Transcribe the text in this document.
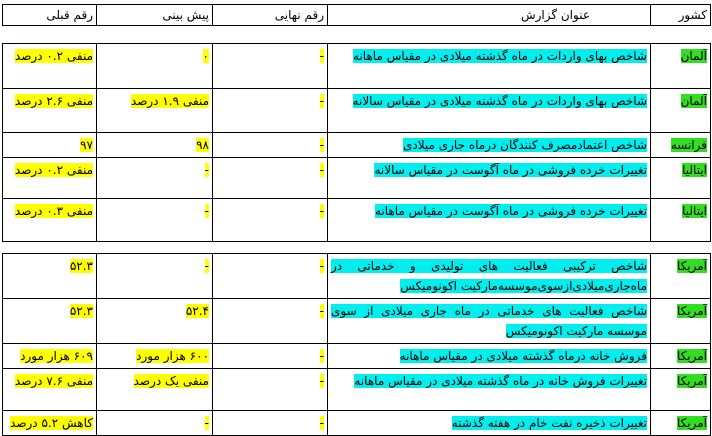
رقم قبلی	پیش بینی	رقم نهایی	عنوان گزارش	کشور
منفی ۰.۲ درصد	۰	-	شاخص بهای واردات در ماه گذشته میلادی در مقیاس ماهانه	آلمان
منفی ۲.۶ درصد	منفی ۱.۹ درصد	-	شاخص بهای واردات در ماه گذشته میلادی در مقیاس سالانه	آلمان
۹۷	۹۸	-	شاخص اعتمادمصرف کنندگان درماه جاری میلادی	فرانسه
منفی ۰.۲ درصد	-	-	تغییرات خرده فروشی در ماه آگوست در مقیاس سالانه	ایتالیا
منفی ۰.۳ درصد	-	-	تغییرات خرده فروشی در ماه آگوست در مقیاس ماهانه	ایتالیا
۵۲.۳	-	-	شاخص ترکیبی فعالیت های تولیدی و خدماتی در ماه‌جاری‌میلادی‌ازسوی‌موسسه‌مارکیت اکونومیکس	آمریکا
۵۲.۳	۵۲.۴	-	شاخص فعالیت های خدماتی در ماه جاری میلادی از سوی موسسه مارکیت اکونومیکس	آمریکا
۶۰۹ هزار مورد	۶۰۰ هزار مورد	-	فروش خانه درماه گذشته میلادی در مقیاس ماهانه	آمریکا
منفی ۷.۶ درصد	منفی یک درصد	-	تغییرات فروش خانه در ماه گذشته میلادی در مقیاس ماهانه	آمریکا
کاهش ۵.۲ درصد	-	-	تغییرات ذخیره نفت خام در هفته گذشته	آمریکا
